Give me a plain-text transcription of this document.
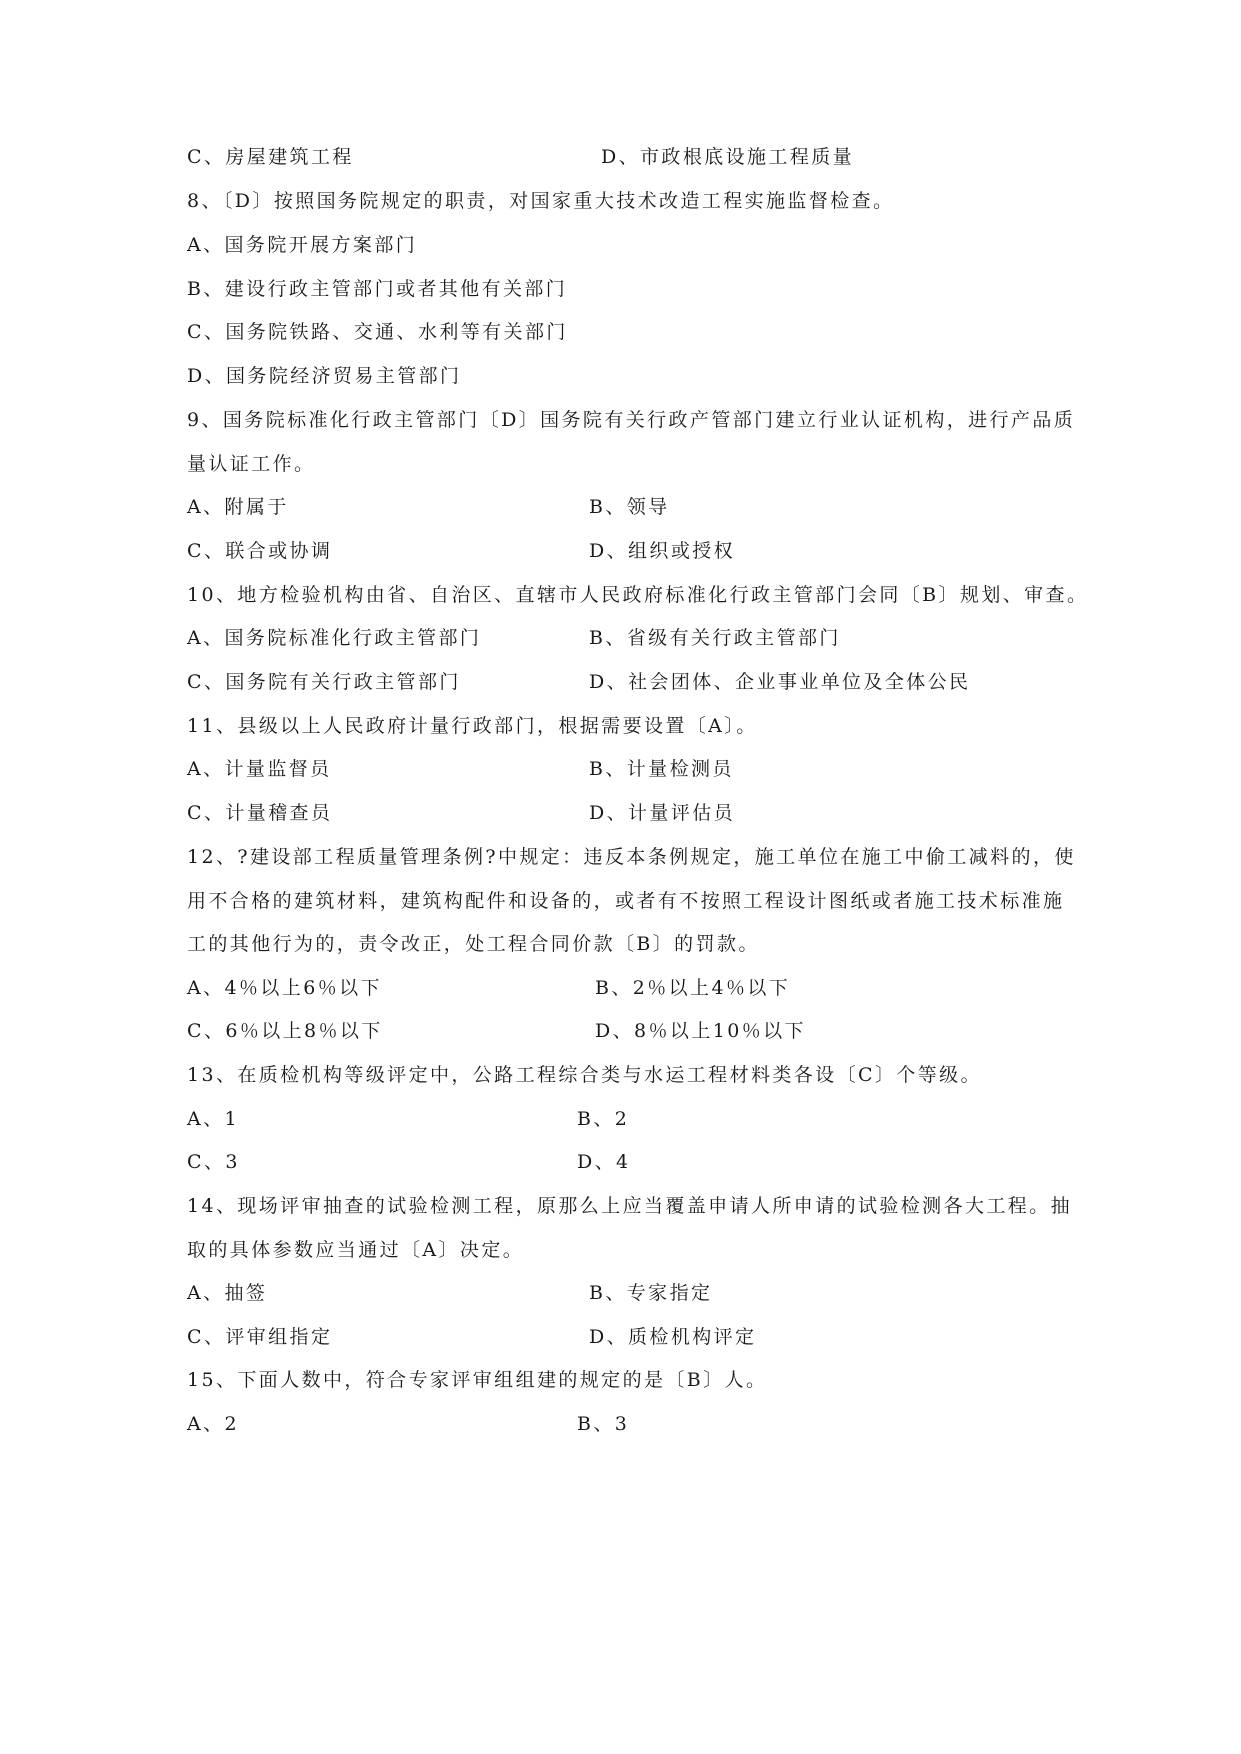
C、房屋建筑工程	D、市政根底设施工程质量
8、〔D〕按照国务院规定的职责，对国家重大技术改造工程实施监督检查。
A、国务院开展方案部门
B、建设行政主管部门或者其他有关部门
C、国务院铁路、交通、水利等有关部门
D、国务院经济贸易主管部门
9、国务院标准化行政主管部门〔D〕国务院有关行政产管部门建立行业认证机构，进行产品质
量认证工作。
A、附属于	B、领导
C、联合或协调	D、组织或授权
10、地方检验机构由省、自治区、直辖市人民政府标准化行政主管部门会同〔B〕规划、审查。
A、国务院标准化行政主管部门	B、省级有关行政主管部门
C、国务院有关行政主管部门	D、社会团体、企业事业单位及全体公民
11、县级以上人民政府计量行政部门，根据需要设置〔A〕。
A、计量监督员	B、计量检测员
C、计量稽查员	D、计量评估员
12、?建设部工程质量管理条例?中规定：违反本条例规定，施工单位在施工中偷工减料的，使
用不合格的建筑材料，建筑构配件和设备的，或者有不按照工程设计图纸或者施工技术标准施
工的其他行为的，责令改正，处工程合同价款〔B〕的罚款。
A、4％以上6％以下	B、2％以上4％以下
C、6％以上8％以下	D、8％以上10％以下
13、在质检机构等级评定中，公路工程综合类与水运工程材料类各设〔C〕个等级。
A、1	B、2
C、3	D、4
14、现场评审抽查的试验检测工程，原那么上应当覆盖申请人所申请的试验检测各大工程。抽
取的具体参数应当通过〔A〕决定。
A、抽签	B、专家指定
C、评审组指定	D、质检机构评定
15、下面人数中，符合专家评审组组建的规定的是〔B〕人。
A、2	B、3
